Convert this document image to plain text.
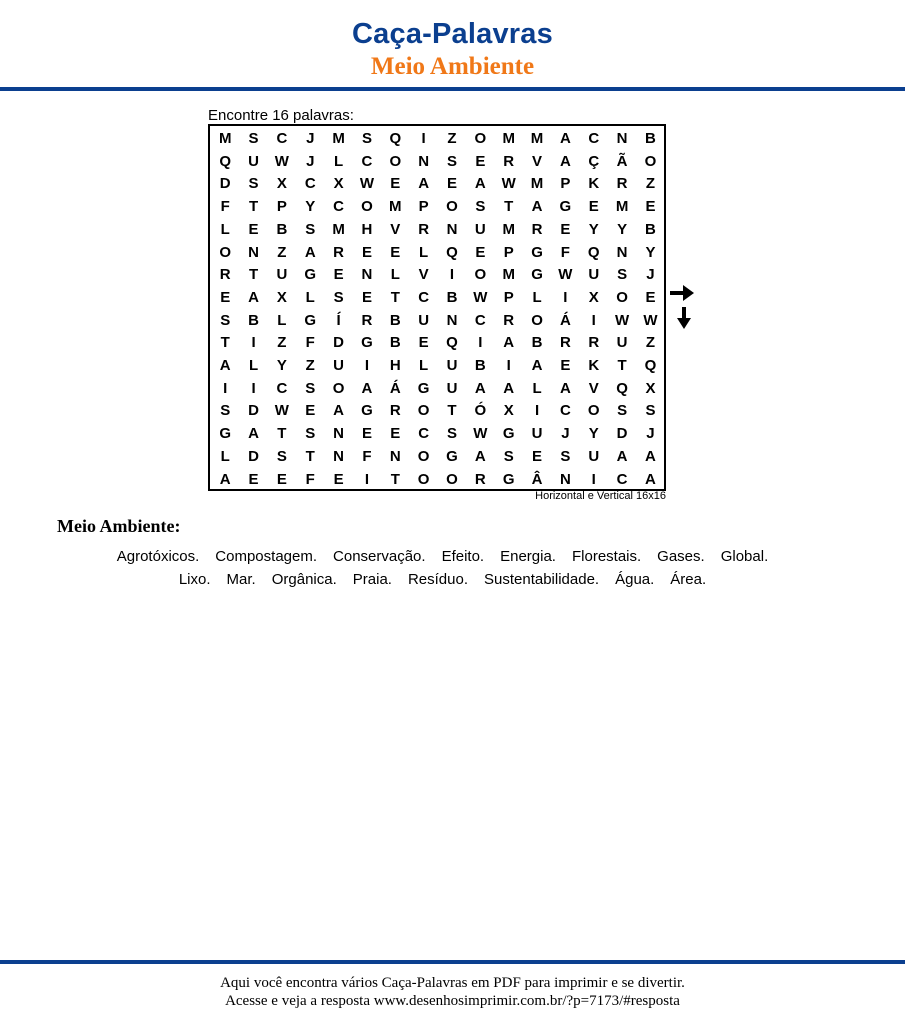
Caça-Palavras
Meio Ambiente
Encontre 16 palavras:
M	S	C	J	M	S	Q	I	Z	O	M	M	A	C	N	B
Q	U	W	J	L	C	O	N	S	E	R	V	A	Ç	Ã	O
D	S	X	C	X	W	E	A	E	A	W	M	P	K	R	Z
F	T	P	Y	C	O	M	P	O	S	T	A	G	E	M	E
L	E	B	S	M	H	V	R	N	U	M	R	E	Y	Y	B
O	N	Z	A	R	E	E	L	Q	E	P	G	F	Q	N	Y
R	T	U	G	E	N	L	V	I	O	M	G	W	U	S	J
E	A	X	L	S	E	T	C	B	W	P	L	I	X	O	E
S	B	L	G	Í	R	B	U	N	C	R	O	Á	I	W W
T	I	Z	F	D	G	B	E	Q	I	A	B	R	R	U	Z
A	L	Y	Z	U	I	H	L	U	B	I	A	E	K	T	Q
I	I	C	S	O	A	Á	G	U	A	A	L	A	V	Q	X
S	D	W	E	A	G	R	O	T	Ó	X	I	C	O	S	S
G	A	T	S	N	E	E	C	S	W	G	U	J	Y	D	J
L	D	S	T	N	F	N	O	G	A	S	E	S	U	A	A
A	E	E	F	E	I	T	O	O	R	G	Â	N	I	C	A
Horizontal e Vertical 16x16
Meio Ambiente:
Agrotóxicos. Compostagem. Conservação. Efeito. Energia. Florestais. Gases. Global.
Lixo. Mar. Orgânica. Praia. Resíduo. Sustentabilidade. Água. Área.
Aqui você encontra vários Caça-Palavras em PDF para imprimir e se divertir.
Acesse e veja a resposta www.desenhosimprimir.com.br/?p=7173/#resposta
